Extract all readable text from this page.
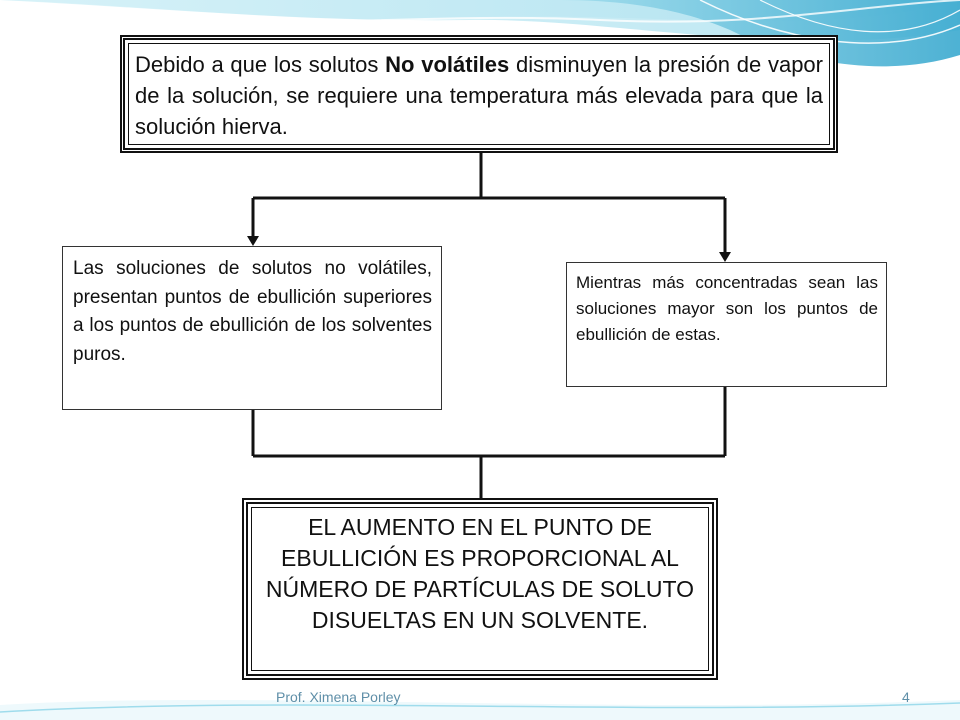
Debido a que los solutos No volátiles disminuyen la presión de vapor de la solución, se requiere una temperatura más elevada para que la solución hierva.
Las soluciones de solutos no volátiles, presentan puntos de ebullición superiores a los puntos de ebullición de los solventes puros.
Mientras más concentradas sean las soluciones mayor son los puntos de ebullición de estas.
EL AUMENTO EN EL PUNTO DE EBULLICIÓN ES PROPORCIONAL AL NÚMERO DE PARTÍCULAS DE SOLUTO DISUELTAS EN UN SOLVENTE.
Prof. Ximena Porley	4
